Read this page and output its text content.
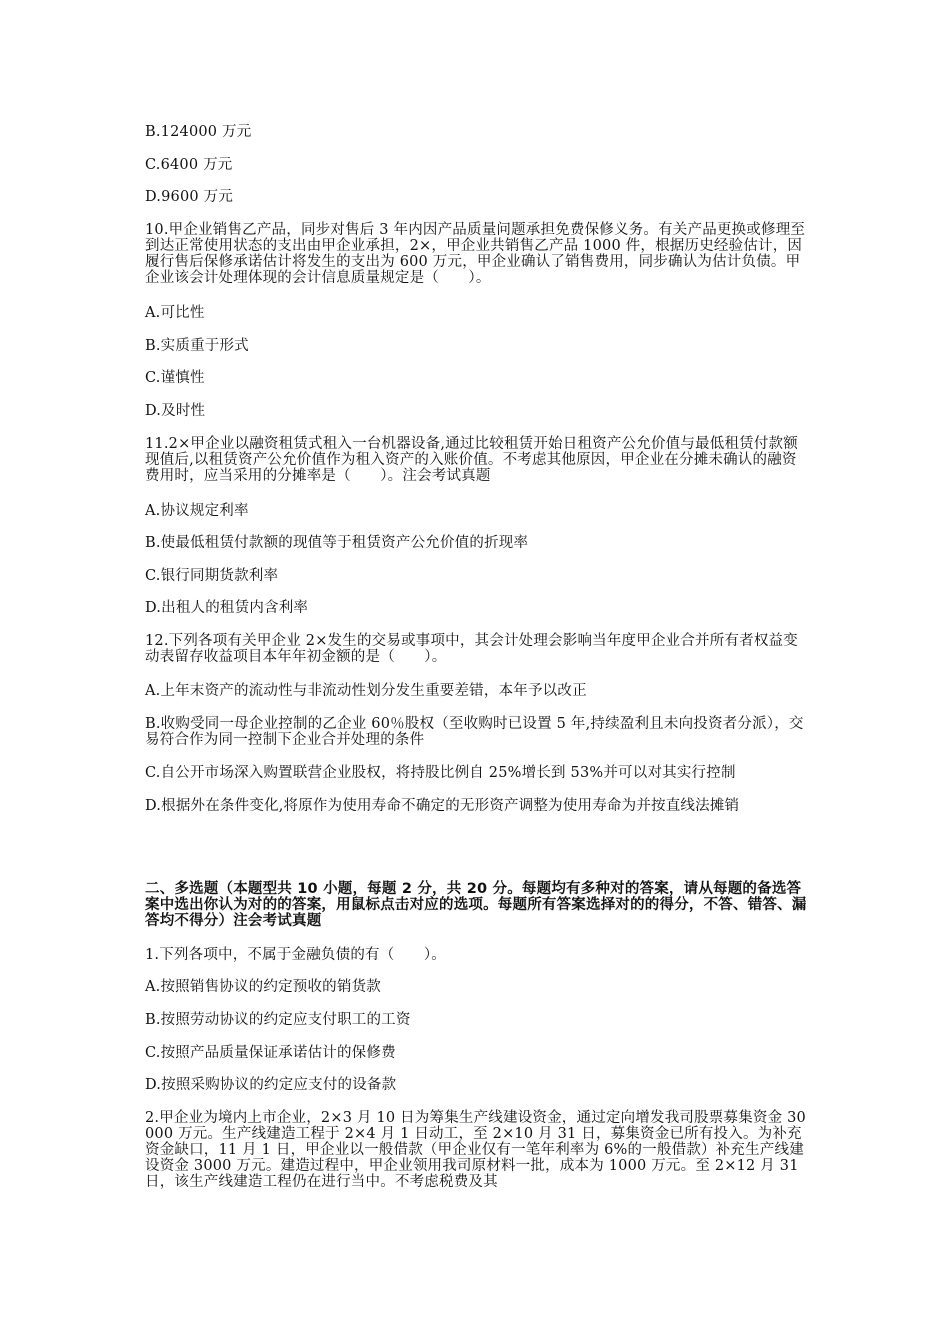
B.124000 万元
C.6400 万元
D.9600 万元
10.甲企业销售乙产品，同步对售后 3 年内因产品质量问题承担免费保修义务。有关产品更换或修理至到达正常使用状态的支出由甲企业承担，2×，甲企业共销售乙产品 1000 件，根据历史经验估计，因履行售后保修承诺估计将发生的支出为 600 万元，甲企业确认了销售费用，同步确认为估计负债。甲企业该会计处理体现的会计信息质量规定是（　　）。
A.可比性
B.实质重于形式
C.谨慎性
D.及时性
11.2×甲企业以融资租赁式租入一台机器设备,通过比较租赁开始日租资产公允价值与最低租赁付款额现值后,以租赁资产公允价值作为租入资产的入账价值。不考虑其他原因，甲企业在分摊未确认的融资费用时，应当采用的分摊率是（　　）。注会考试真题
A.协议规定利率
B.使最低租赁付款额的现值等于租赁资产公允价值的折现率
C.银行同期货款利率
D.出租人的租赁内含利率
12.下列各项有关甲企业 2×发生的交易或事项中，其会计处理会影响当年度甲企业合并所有者权益变动表留存收益项目本年年初金额的是（　　）。
A.上年末资产的流动性与非流动性划分发生重要差错，本年予以改正
B.收购受同一母企业控制的乙企业 60％股权（至收购时已设置 5 年,持续盈利且未向投资者分派），交易符合作为同一控制下企业合并处理的条件
C.自公开市场深入购置联营企业股权，将持股比例自 25%增长到 53%并可以对其实行控制
D.根据外在条件变化,将原作为使用寿命不确定的无形资产调整为使用寿命为并按直线法摊销
二、多选题（本题型共 10 小题，每题 2 分，共 20 分。每题均有多种对的答案，请从每题的备选答案中选出你认为对的的答案，用鼠标点击对应的选项。每题所有答案选择对的的得分，不答、错答、漏答均不得分）注会考试真题
1.下列各项中，不属于金融负债的有（　　）。
A.按照销售协议的约定预收的销货款
B.按照劳动协议的约定应支付职工的工资
C.按照产品质量保证承诺估计的保修费
D.按照采购协议的约定应支付的设备款
2.甲企业为境内上市企业，2×3 月 10 日为筹集生产线建设资金，通过定向增发我司股票募集资金 30000 万元。生产线建造工程于 2×4 月 1 日动工，至 2×10 月 31 日，募集资金已所有投入。为补充资金缺口，11 月 1 日，甲企业以一般借款（甲企业仅有一笔年利率为 6%的一般借款）补充生产线建设资金 3000 万元。建造过程中，甲企业领用我司原材料一批，成本为 1000 万元。至 2×12 月 31 日，该生产线建造工程仍在进行当中。不考虑税费及其
